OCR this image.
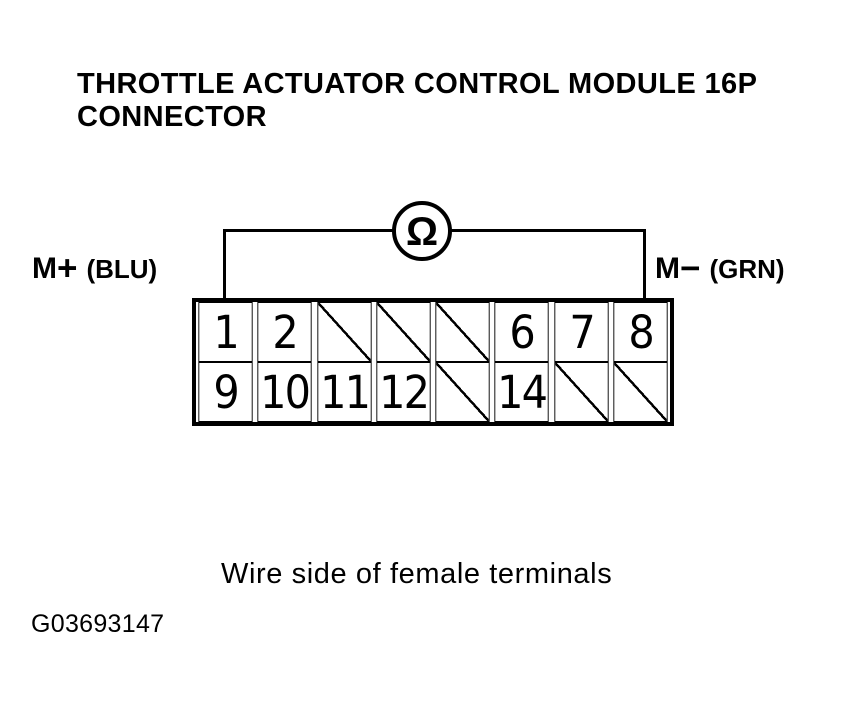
THROTTLE ACTUATOR CONTROL MODULE 16P
CONNECTOR
Ω
M+ (BLU)	M− (GRN)
1 2	6 7 8
9 10 11 12 14
Wire side of female terminals
G03693147
